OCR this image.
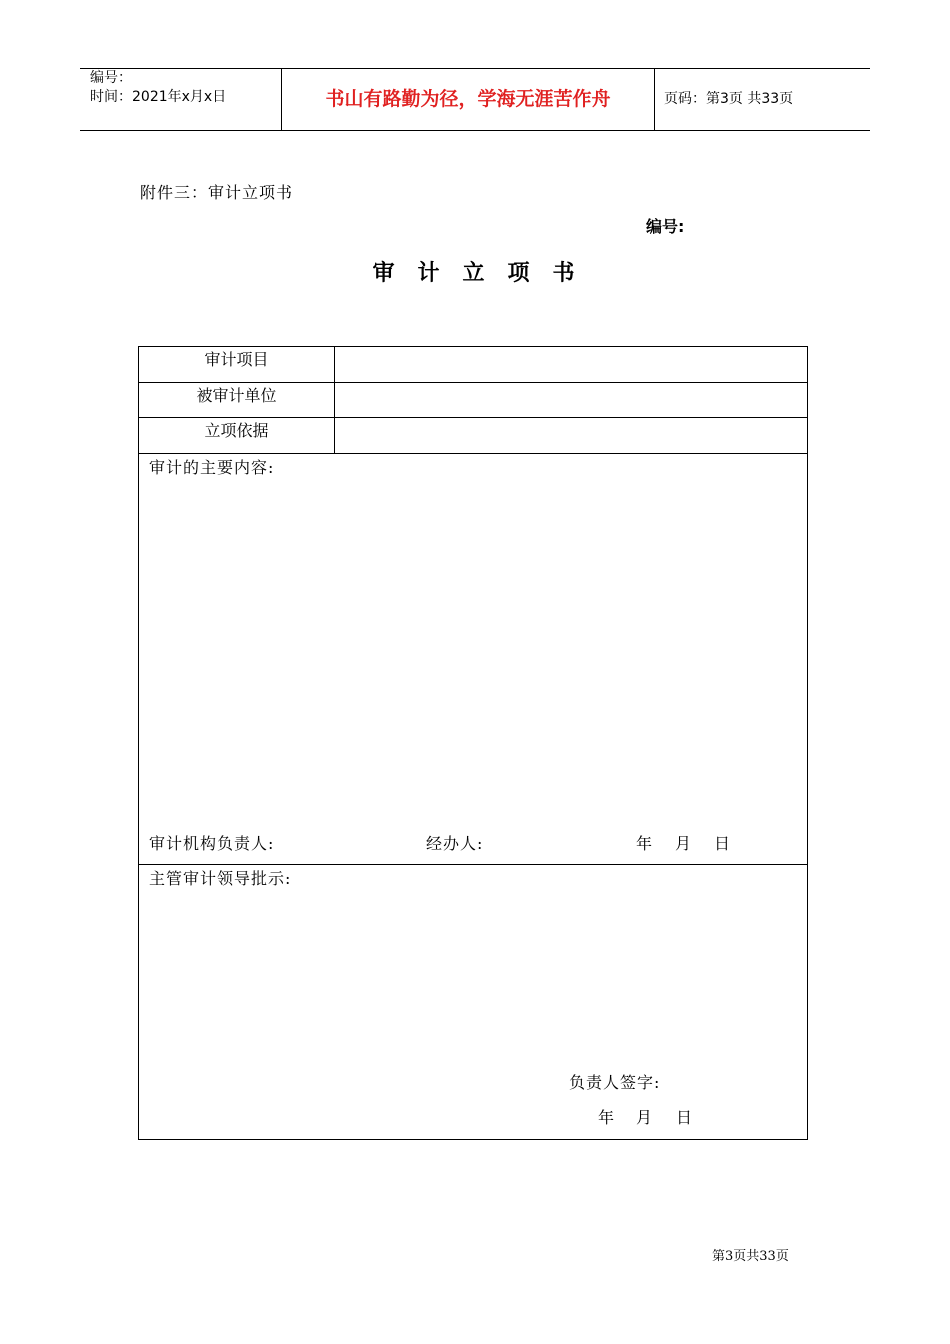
编号：
时间：2021年x月x日	书山有路勤为径，学海无涯苦作舟	页码：第3页 共33页
附件三：审计立项书
编号:
审计立项书
审计项目
被审计单位
立项依据
审计的主要内容:
审计机构负责人:	经办人:	年 月 日
主管审计领导批示:
负责人签字:
年 月 日
第3页共33页
